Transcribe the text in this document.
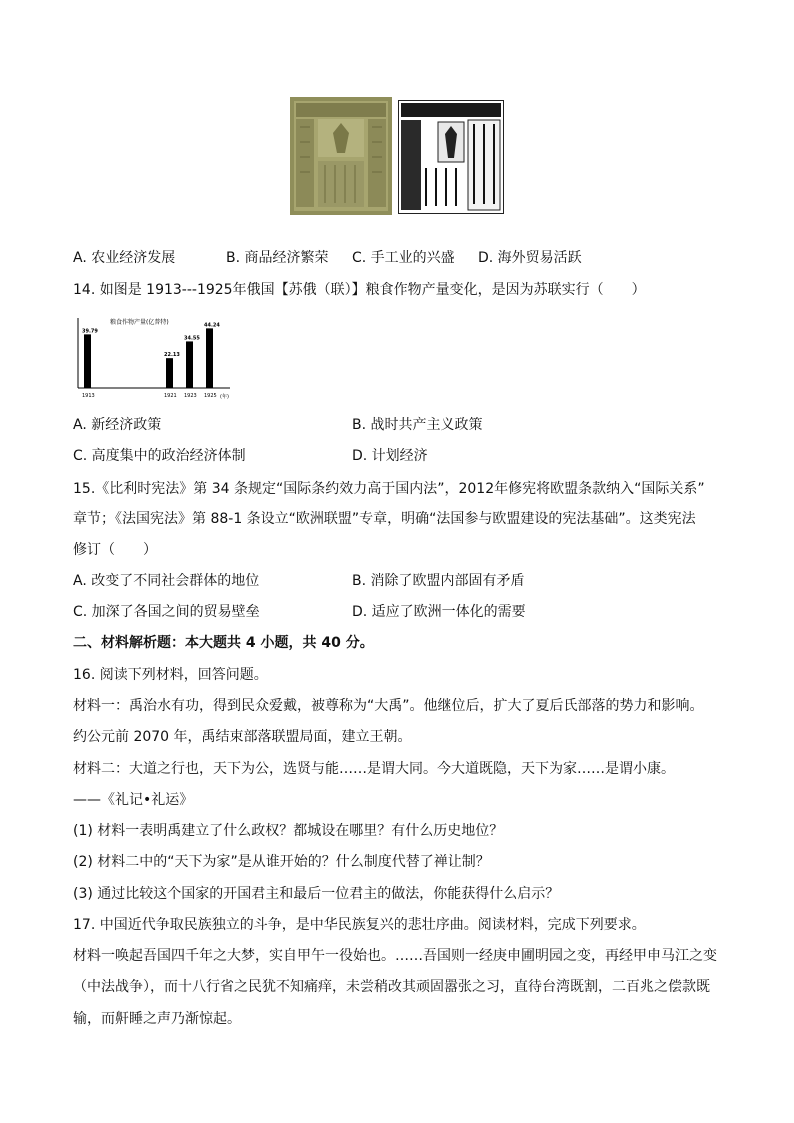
A. 农业经济发展	B. 商品经济繁荣 C. 手工业的兴盛 D. 海外贸易活跃
14. 如图是 1913---1925年俄国【苏俄（联）】粮食作物产量变化，是因为苏联实行（　　）
粮食作物产量(亿普特)
(年)
39.79
1913
22.13
1921
34.55
1923
44.24
1925
A. 新经济政策	B. 战时共产主义政策
C. 高度集中的政治经济体制	D. 计划经济
15.《比利时宪法》第 34 条规定“国际条约效力高于国内法”，2012年修宪将欧盟条款纳入“国际关系”
章节；《法国宪法》第 88-1 条设立“欧洲联盟”专章，明确“法国参与欧盟建设的宪法基础”。这类宪法
修订（　　）
A. 改变了不同社会群体的地位	B. 消除了欧盟内部固有矛盾
C. 加深了各国之间的贸易壁垒	D. 适应了欧洲一体化的需要
二、材料解析题：本大题共 4 小题，共 40 分。
16. 阅读下列材料，回答问题。
材料一：禹治水有功，得到民众爱戴，被尊称为“大禹”。他继位后，扩大了夏后氏部落的势力和影响。
约公元前 2070 年，禹结束部落联盟局面，建立王朝。
材料二：大道之行也，天下为公，选贤与能……是谓大同。今大道既隐，天下为家……是谓小康。
——《礼记•礼运》
(1) 材料一表明禹建立了什么政权？都城设在哪里？有什么历史地位？
(2) 材料二中的“天下为家”是从谁开始的？什么制度代替了禅让制？
(3) 通过比较这个国家的开国君主和最后一位君主的做法，你能获得什么启示？
17. 中国近代争取民族独立的斗争，是中华民族复兴的悲壮序曲。阅读材料，完成下列要求。
材料一唤起吾国四千年之大梦，实自甲午一役始也。……吾国则一经庚申圃明园之变，再经甲申马江之变
（中法战争），而十八行省之民犹不知痛痒，未尝稍改其顽固嚣张之习，直待台湾既割，二百兆之偿款既
输，而鼾睡之声乃渐惊起。
